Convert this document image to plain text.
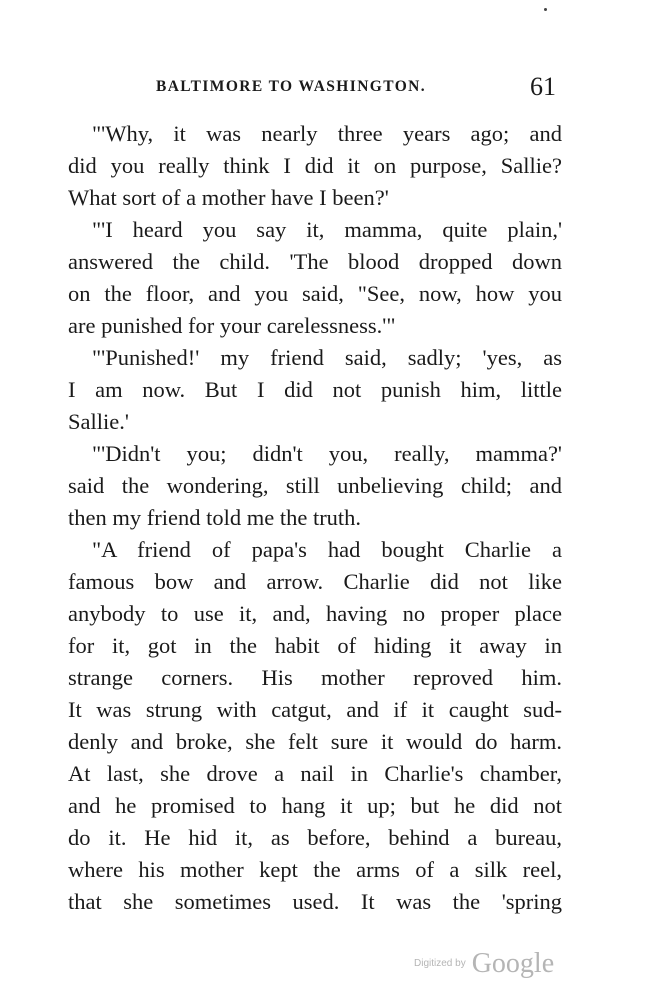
BALTIMORE TO WASHINGTON.	61
"'Why, it was nearly three years ago; and
did you really think I did it on purpose, Sallie?
What sort of a mother have I been?'
"'I heard you say it, mamma, quite plain,'
answered the child. 'The blood dropped down
on the floor, and you said, "See, now, how you
are punished for your carelessness.'"
"'Punished!' my friend said, sadly; 'yes, as
I am now. But I did not punish him, little
Sallie.'
"'Didn't you; didn't you, really, mamma?'
said the wondering, still unbelieving child; and
then my friend told me the truth.
"A friend of papa's had bought Charlie a
famous bow and arrow. Charlie did not like
anybody to use it, and, having no proper place
for it, got in the habit of hiding it away in
strange corners. His mother reproved him.
It was strung with catgut, and if it caught sud-
denly and broke, she felt sure it would do harm.
At last, she drove a nail in Charlie's chamber,
and he promised to hang it up; but he did not
do it. He hid it, as before, behind a bureau,
where his mother kept the arms of a silk reel,
that she sometimes used. It was the 'spring
$^{Digitized by}$ Google
